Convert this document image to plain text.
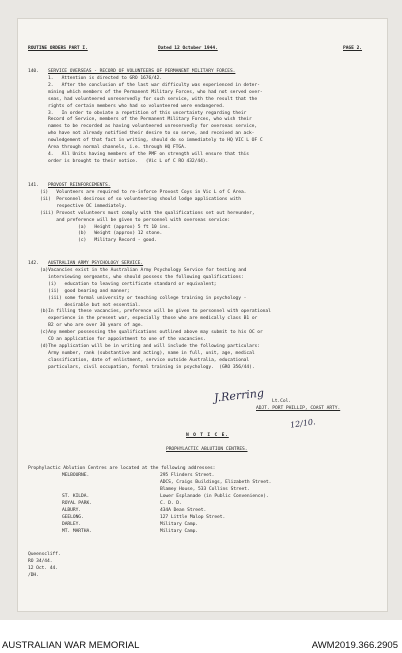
ROUTINE ORDERS PART I.	Dated 12 October 1944.	PAGE 2.
140. SERVICE OVERSEAS - RECORD OF VOLUNTEERS OF PERMANENT MILITARY FORCES.
1.   Attention is directed to GRO 1676/42.
2.   After the conclusion of the last war difficulty was experienced in deter-
mining which members of the Permanent Military Forces, who had not served over-
seas, had volunteered unreservedly for such service, with the result that the
rights of certain members who had so volunteered were endangered.
3.   In order to obviate a repetition of this uncertainty regarding their
Record of Service, members of the Permanent Military Forces, who wish their
names to be recorded as having volunteered unreservedly for overseas service,
who have not already notified their desire to so serve, and received an ack-
nowledgement of that fact in writing, should do so immediately to HQ VIC L OF C
Area through normal channels, i.e. through HQ FTGA.
4.   All Units having members of the PMF on strength will ensure that this
order is brought to their notice.   (Vic L of C RO 432/44).
141. PROVOST REINFORCEMENTS.
(i)   Volunteers are required to re-inforce Provost Coys in Vic L of C Area.
(ii)  Personnel desirous of so volunteering should lodge applications with
respective OC immediately.
(iii) Provost volunteers must comply with the qualifications set out hereunder,
and preference will be given to personnel with overseas service:
(a)   Height (approx) 5 ft 10 ins.
(b)   Weight (approx) 12 stone.
(c)   Military Record - good.
142. AUSTRALIAN ARMY PSYCHOLOGY SERVICE.
(a)Vacancies exist in the Australian Army Psychology Service for testing and
interviewing sergeants, who should possess the following qualifications:
(i)   education to leaving certificate standard or equivalent;
(ii)  good bearing and manner;
(iii) some formal university or teaching college training in psychology -
desirable but not essential.
(b)In filling these vacancies, preference will be given to personnel with operational
experience in the present war, especially those who are medically class B1 or
B2 or who are over 30 years of age.
(c)Any member possessing the qualifications outlined above may submit to his OC or
CO an application for appointment to one of the vacancies.
(d)The application will be in writing and will include the following particulars:
Army number, rank (substantive and acting), name in full, unit, age, medical
classification, date of enlistment, service outside Australia, educational
particulars, civil occupation, formal training in psychology.  (GRO 356/44).
J.Rerring Lt.Col.
ADJT. PORT PHILLIP, COAST ARTY.
12/10.
N O T I C E.
PROPHYLACTIC ABLUTION CENTRES.
Prophylactic Ablution Centres are located at the following addresses:
MELBOURNE.	295 Flinders Street.
ADCS, Craigs Buildings, Elizabeth Street.
Blamey House, 533 Collins Street.
ST. KILDA.	Lower Esplanade (in Public Convenience).
ROYAL PARK.	C. D. D.
ALBURY.	434A Dean Street.
GEELONG.	127 Little Malop Street.
DARLEY.	Military Camp.
MT. MARTHA.	Military Camp.
Queenscliff.
RO 34/44.
12 Oct. 44.
/DH.
AUSTRALIAN WAR MEMORIAL	AWM2019.366.2905
